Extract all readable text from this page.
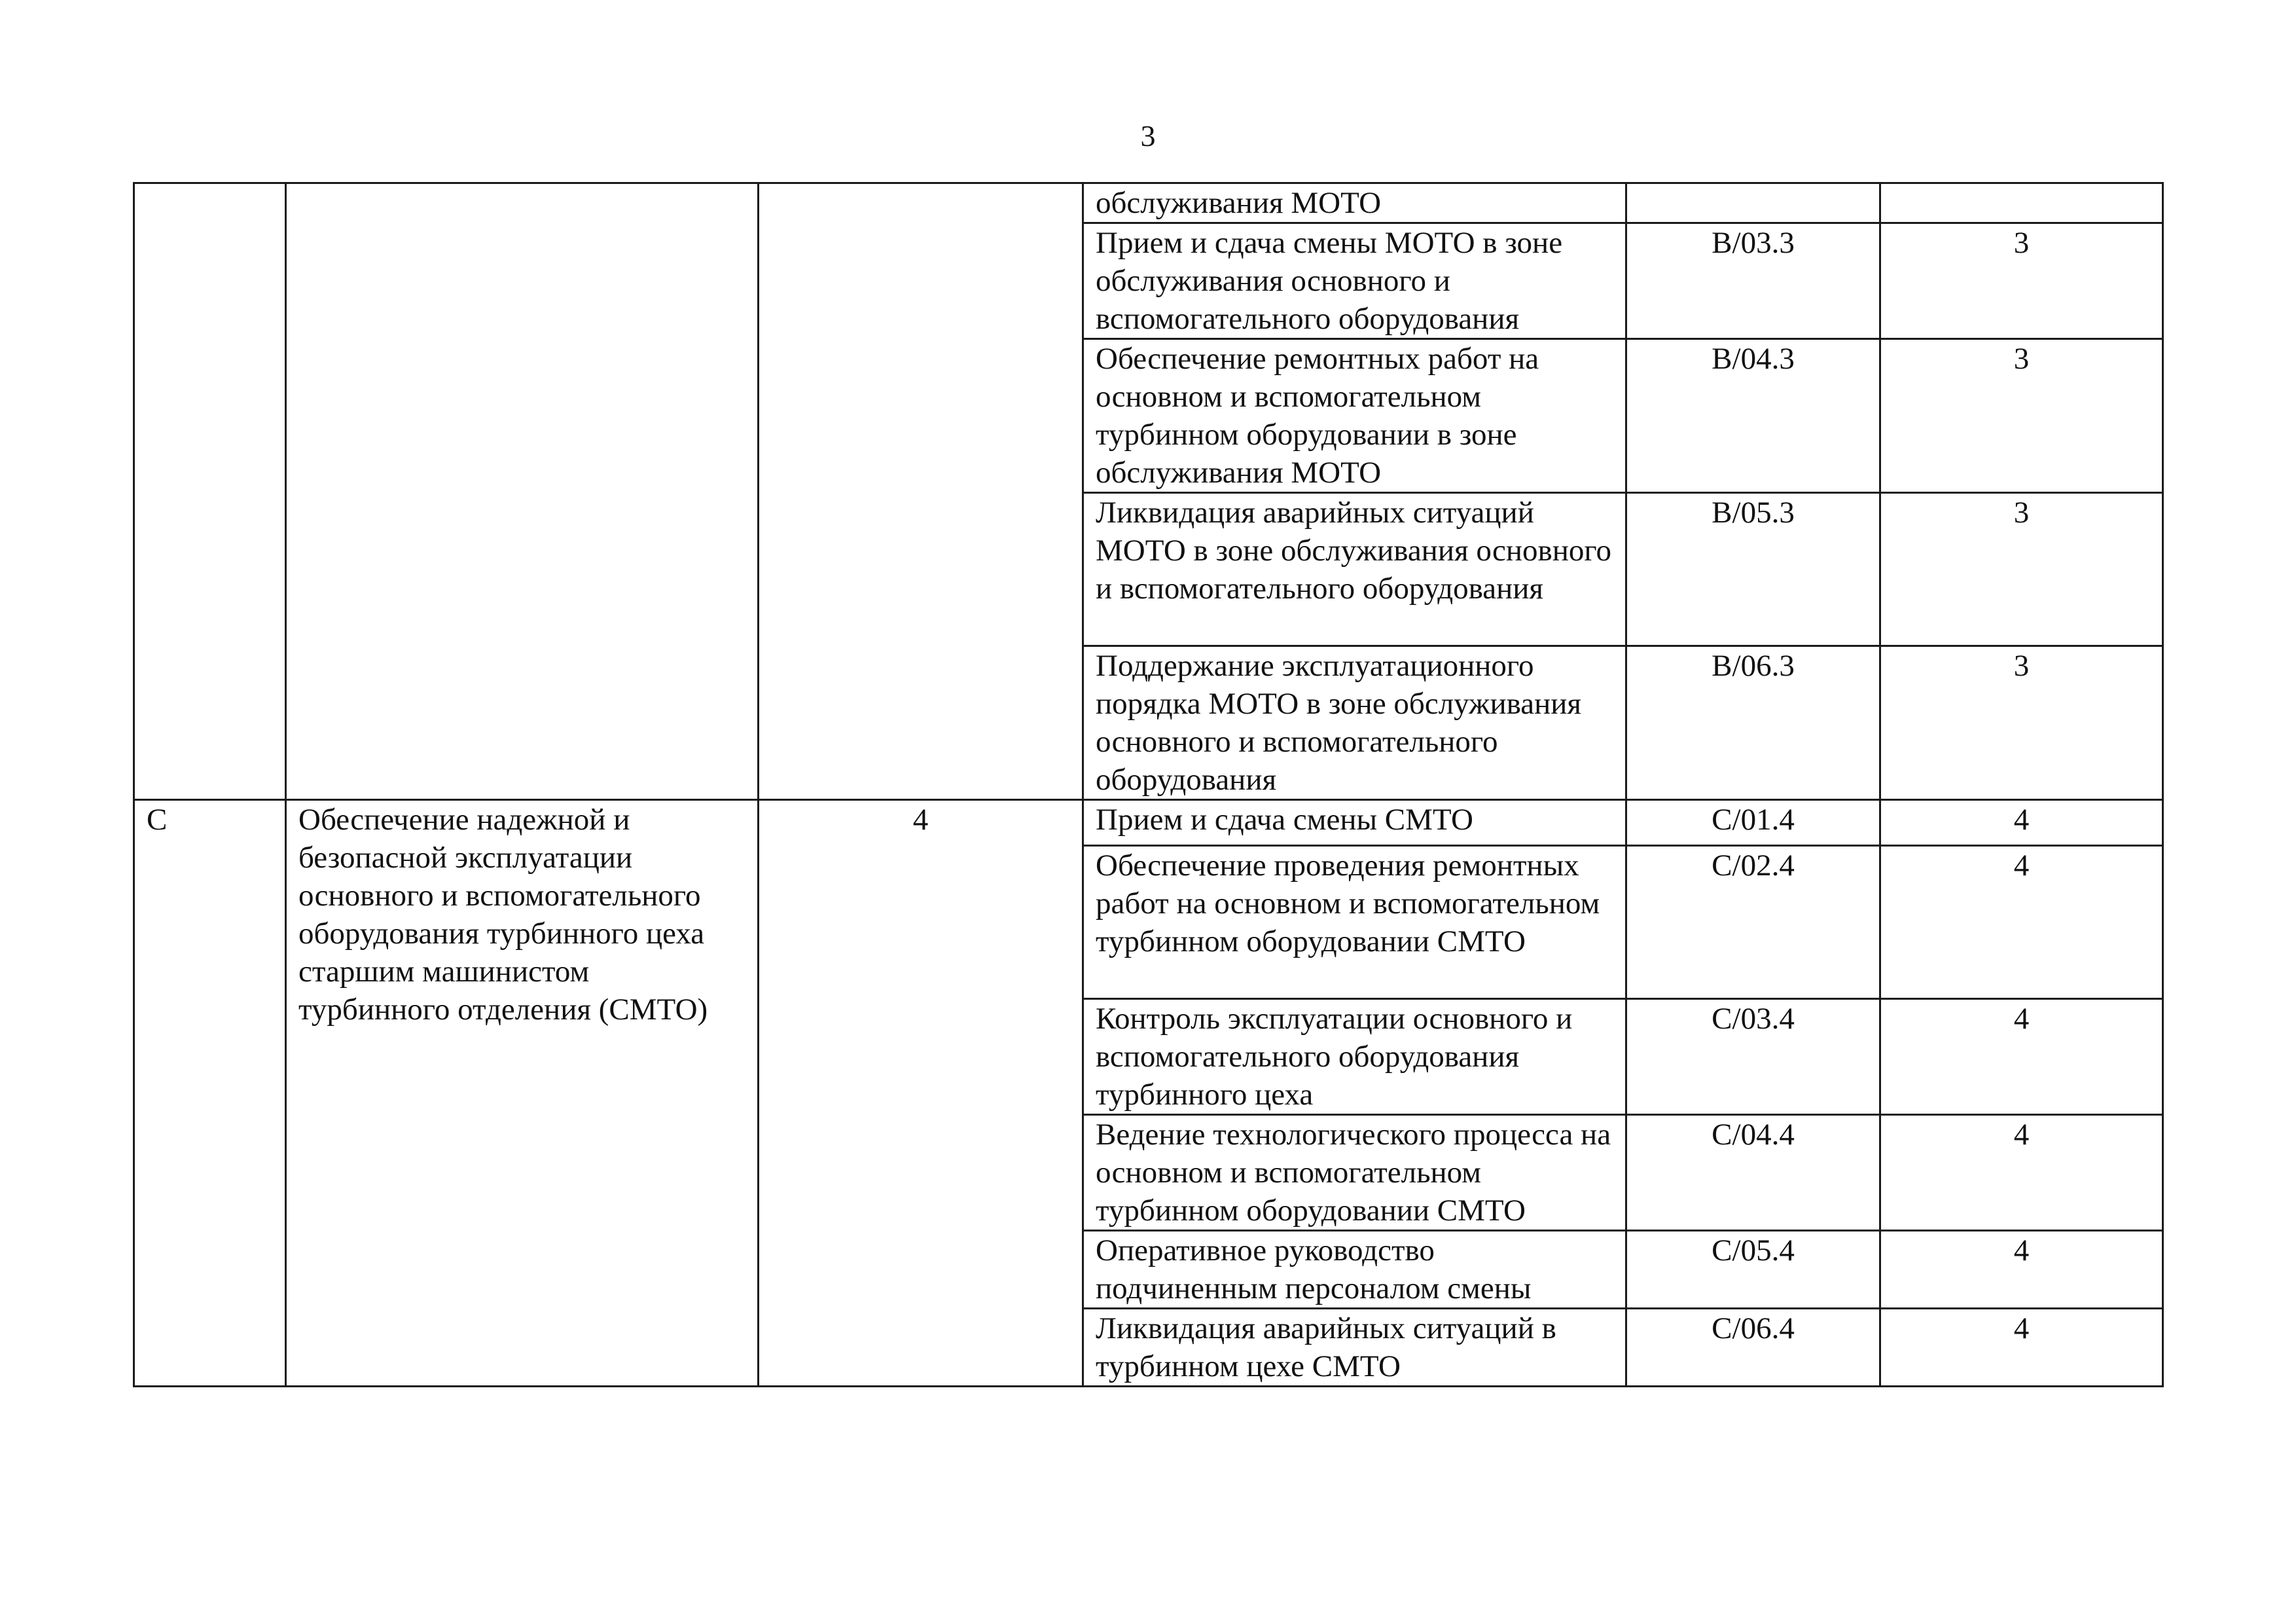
3

			обслуживания МОТО		

			Прием и сдача смены МОТО в зоне обслуживания основного и вспомогательного оборудования	B/03.3	3

			Обеспечение ремонтных работ на основном и вспомогательном турбинном оборудовании в зоне обслуживания МОТО	B/04.3	3

			Ликвидация аварийных ситуаций МОТО в зоне обслуживания основного и вспомогательного оборудования	B/05.3	3

			Поддержание эксплуатационного порядка МОТО в зоне обслуживания основного и вспомогательного оборудования	B/06.3	3
C	Обеспечение надежной и безопасной эксплуатации основного и вспомогательного оборудования турбинного цеха старшим машинистом турбинного отделения (СМТО)	4	Прием и сдача смены СМТО	C/01.4	4

			Обеспечение проведения ремонтных работ на основном и вспомогательном турбинном оборудовании СМТО	C/02.4	4

			Контроль эксплуатации основного и вспомогательного оборудования турбинного цеха	C/03.4	4

			Ведение технологического процесса на основном и вспомогательном турбинном оборудовании СМТО	C/04.4	4

			Оперативное руководство подчиненным персоналом смены	C/05.4	4

			Ликвидация аварийных ситуаций в турбинном цехе СМТО	C/06.4	4
